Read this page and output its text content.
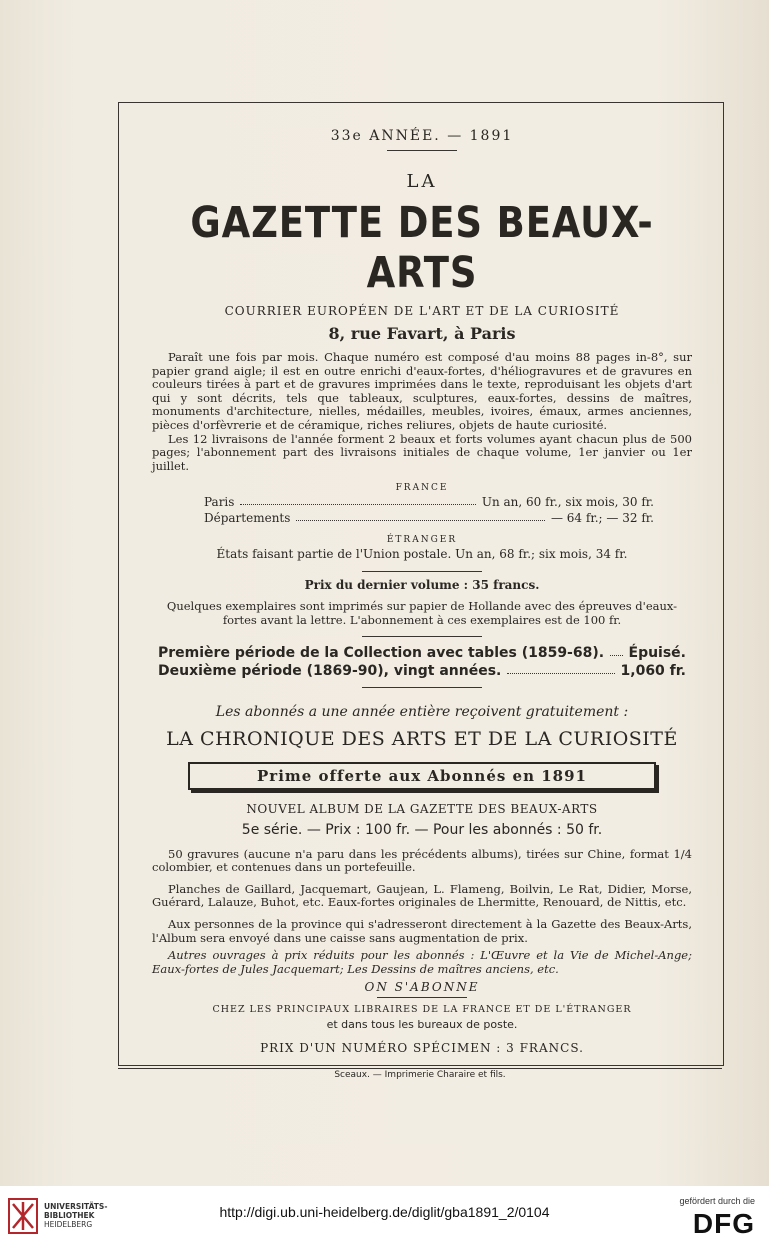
33e ANNÉE. — 1891
LA
GAZETTE DES BEAUX-ARTS
COURRIER EUROPÉEN DE L'ART ET DE LA CURIOSITÉ
8, rue Favart, à Paris

Paraît une fois par mois. Chaque numéro est composé d'au moins 88 pages in-8°, sur papier grand aigle; il est en outre enrichi d'eaux-fortes, d'héliogravures et de gravures en couleurs tirées à part et de gravures imprimées dans le texte, reproduisant les objets d'art qui y sont décrits, tels que tableaux, sculptures, eaux-fortes, dessins de maîtres, monuments d'architecture, nielles, médailles, meubles, ivoires, émaux, armes anciennes, pièces d'orfèvrerie et de céramique, riches reliures, objets de haute curiosité.

Les 12 livraisons de l'année forment 2 beaux et forts volumes ayant chacun plus de 500 pages; l'abonnement part des livraisons initiales de chaque volume, 1er janvier ou 1er juillet.

FRANCE
Paris	Un an, 60 fr., six mois, 30 fr.
Départements	— 64 fr.; — 32 fr.
ÉTRANGER
États faisant partie de l'Union postale. Un an, 68 fr.; six mois, 34 fr.
Prix du dernier volume : 35 francs.
Quelques exemplaires sont imprimés sur papier de Hollande avec des épreuves d'eaux-fortes avant la lettre. L'abonnement à ces exemplaires est de 100 fr.
Première période de la Collection avec tables (1859-68). Épuisé.
Deuxième période (1869-90), vingt années.	1,060 fr.
Les abonnés a une année entière reçoivent gratuitement :
LA CHRONIQUE DES ARTS ET DE LA CURIOSITÉ
Prime offerte aux Abonnés en 1891
NOUVEL ALBUM DE LA GAZETTE DES BEAUX-ARTS
5e série. — Prix : 100 fr. — Pour les abonnés : 50 fr.

50 gravures (aucune n'a paru dans les précédents albums), tirées sur Chine, format 1/4 colombier, et contenues dans un portefeuille.

Planches de Gaillard, Jacquemart, Gaujean, L. Flameng, Boilvin, Le Rat, Didier, Morse, Guérard, Lalauze, Buhot, etc. Eaux-fortes originales de Lhermitte, Renouard, de Nittis, etc.

Aux personnes de la province qui s'adresseront directement à la Gazette des Beaux-Arts, l'Album sera envoyé dans une caisse sans augmentation de prix.

Autres ouvrages à prix réduits pour les abonnés : L'Œuvre et la Vie de Michel-Ange; Eaux-fortes de Jules Jacquemart; Les Dessins de maîtres anciens, etc.

ON S'ABONNE
CHEZ LES PRINCIPAUX LIBRAIRES DE LA FRANCE ET DE L'ÉTRANGER
et dans tous les bureaux de poste.
PRIX D'UN NUMÉRO SPÉCIMEN : 3 FRANCS.
Sceaux. — Imprimerie Charaire et fils.
UNIVERSITÄTS-
BIBLIOTHEK
HEIDELBERG
http://digi.ub.uni-heidelberg.de/diglit/gba1891_2/0104
gefördert durch die
DFG
